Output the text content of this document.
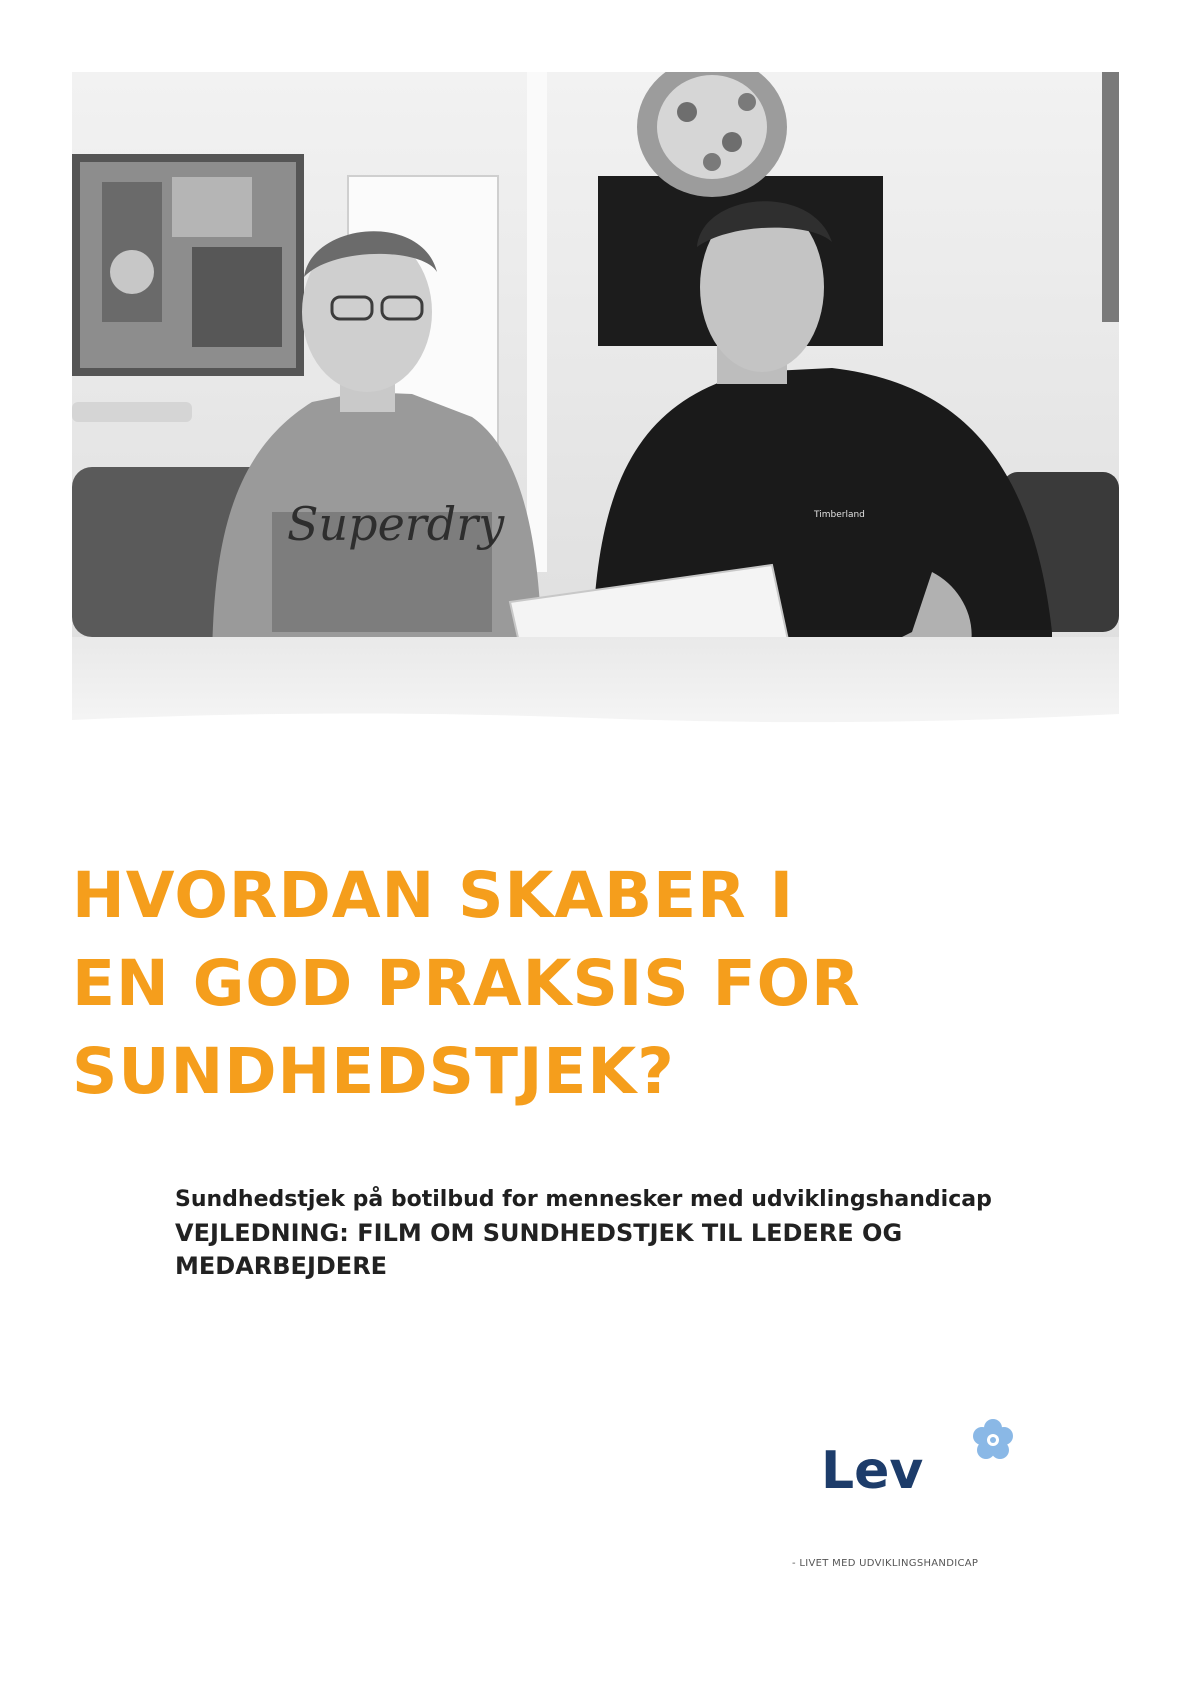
Superdry	Timberland
HVORDAN SKABER I
EN GOD PRAKSIS FOR
SUNDHEDSTJEK?

Sundhedstjek på botilbud for mennesker med udviklingshandicap

VEJLEDNING: FILM OM SUNDHEDSTJEK TIL LEDERE OG MEDARBEJDERE

Lev

- LIVET MED UDVIKLINGSHANDICAP
